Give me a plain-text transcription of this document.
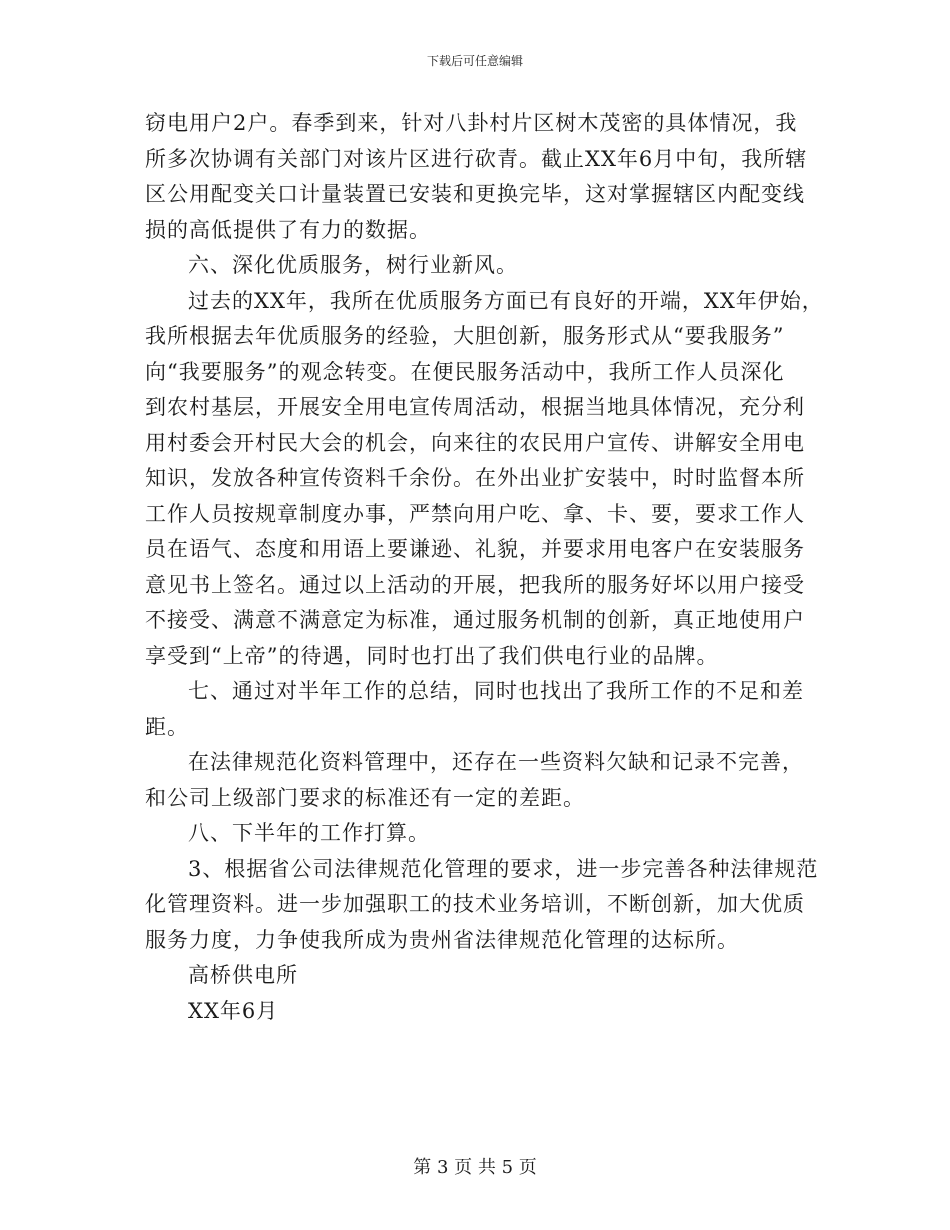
下载后可任意编辑
窃电用户2户。春季到来，针对八卦村片区树木茂密的具体情况，我
所多次协调有关部门对该片区进行砍青。截止XX年6月中旬，我所辖
区公用配变关口计量装置已安装和更换完毕，这对掌握辖区内配变线
损的高低提供了有力的数据。
六、深化优质服务，树行业新风。
过去的XX年，我所在优质服务方面已有良好的开端，XX年伊始，
我所根据去年优质服务的经验，大胆创新，服务形式从“要我服务”
向“我要服务”的观念转变。在便民服务活动中，我所工作人员深化
到农村基层，开展安全用电宣传周活动，根据当地具体情况，充分利
用村委会开村民大会的机会，向来往的农民用户宣传、讲解安全用电
知识，发放各种宣传资料千余份。在外出业扩安装中，时时监督本所
工作人员按规章制度办事，严禁向用户吃、拿、卡、要，要求工作人
员在语气、态度和用语上要谦逊、礼貌，并要求用电客户在安装服务
意见书上签名。通过以上活动的开展，把我所的服务好坏以用户接受
不接受、满意不满意定为标准，通过服务机制的创新，真正地使用户
享受到“上帝”的待遇，同时也打出了我们供电行业的品牌。
七、通过对半年工作的总结，同时也找出了我所工作的不足和差
距。
在法律规范化资料管理中，还存在一些资料欠缺和记录不完善，
和公司上级部门要求的标准还有一定的差距。
八、下半年的工作打算。
3、根据省公司法律规范化管理的要求，进一步完善各种法律规范
化管理资料。进一步加强职工的技术业务培训，不断创新，加大优质
服务力度，力争使我所成为贵州省法律规范化管理的达标所。
高桥供电所
XX年6月
第 3 页 共 5 页
